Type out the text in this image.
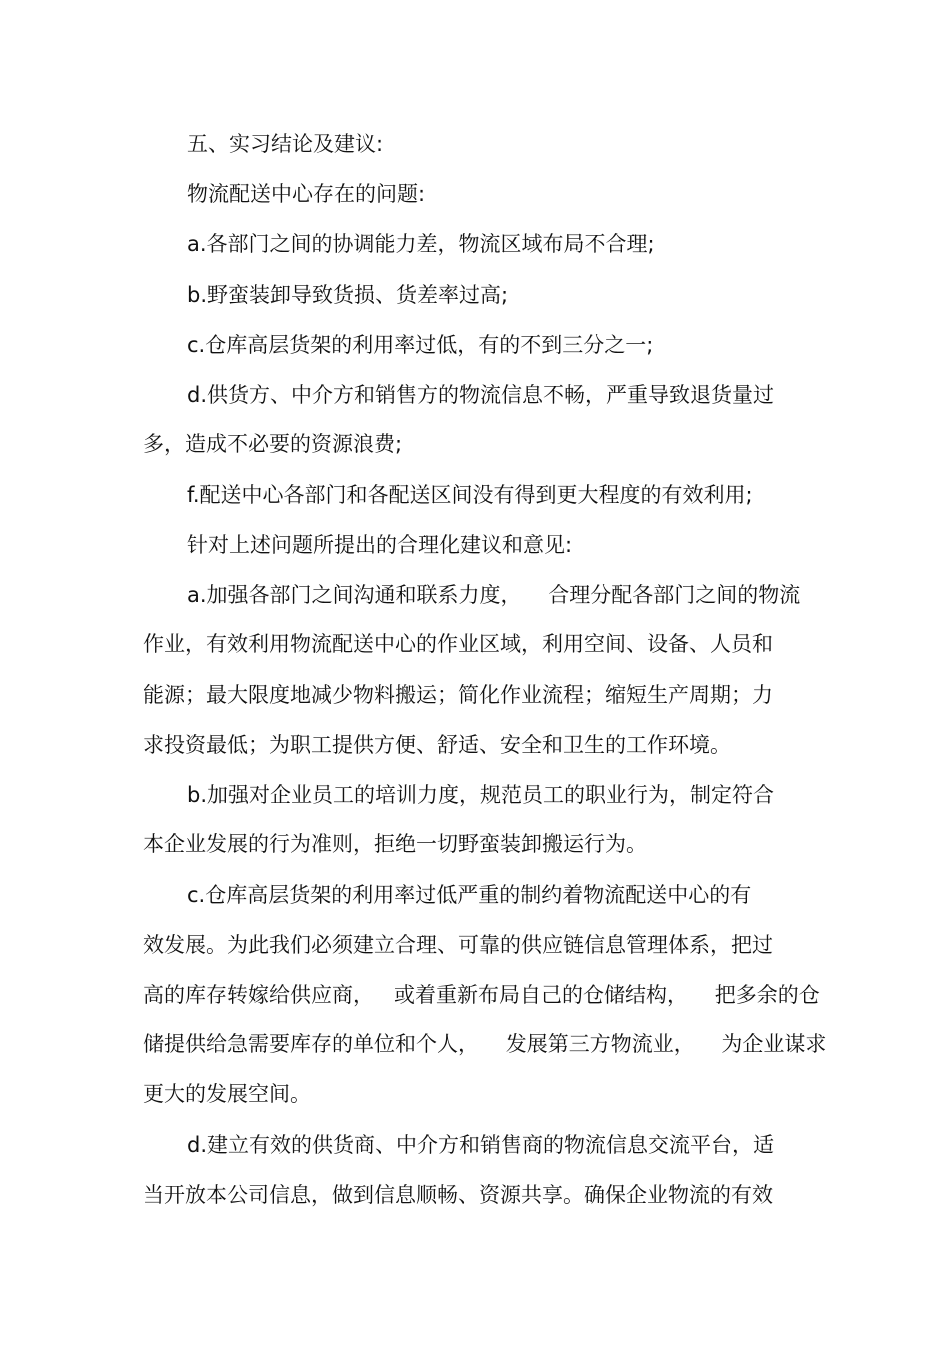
五、实习结论及建议:
物流配送中心存在的问题:
a.各部门之间的协调能力差，物流区域布局不合理;
b.野蛮装卸导致货损、货差率过高;
c.仓库高层货架的利用率过低，有的不到三分之一;
d.供货方、中介方和销售方的物流信息不畅，严重导致退货量过
多，造成不必要的资源浪费;
f.配送中心各部门和各配送区间没有得到更大程度的有效利用;
针对上述问题所提出的合理化建议和意见:
a.加强各部门之间沟通和联系力度，    合理分配各部门之间的物流
作业，有效利用物流配送中心的作业区域，利用空间、设备、人员和
能源；最大限度地减少物料搬运；简化作业流程；缩短生产周期；力
求投资最低；为职工提供方便、舒适、安全和卫生的工作环境。
b.加强对企业员工的培训力度，规范员工的职业行为，制定符合
本企业发展的行为准则，拒绝一切野蛮装卸搬运行为。
c.仓库高层货架的利用率过低严重的制约着物流配送中心的有
效发展。为此我们必须建立合理、可靠的供应链信息管理体系，把过
高的库存转嫁给供应商，   或着重新布局自己的仓储结构，    把多余的仓
储提供给急需要库存的单位和个人，    发展第三方物流业，    为企业谋求
更大的发展空间。
d.建立有效的供货商、中介方和销售商的物流信息交流平台，适
当开放本公司信息，做到信息顺畅、资源共享。确保企业物流的有效
